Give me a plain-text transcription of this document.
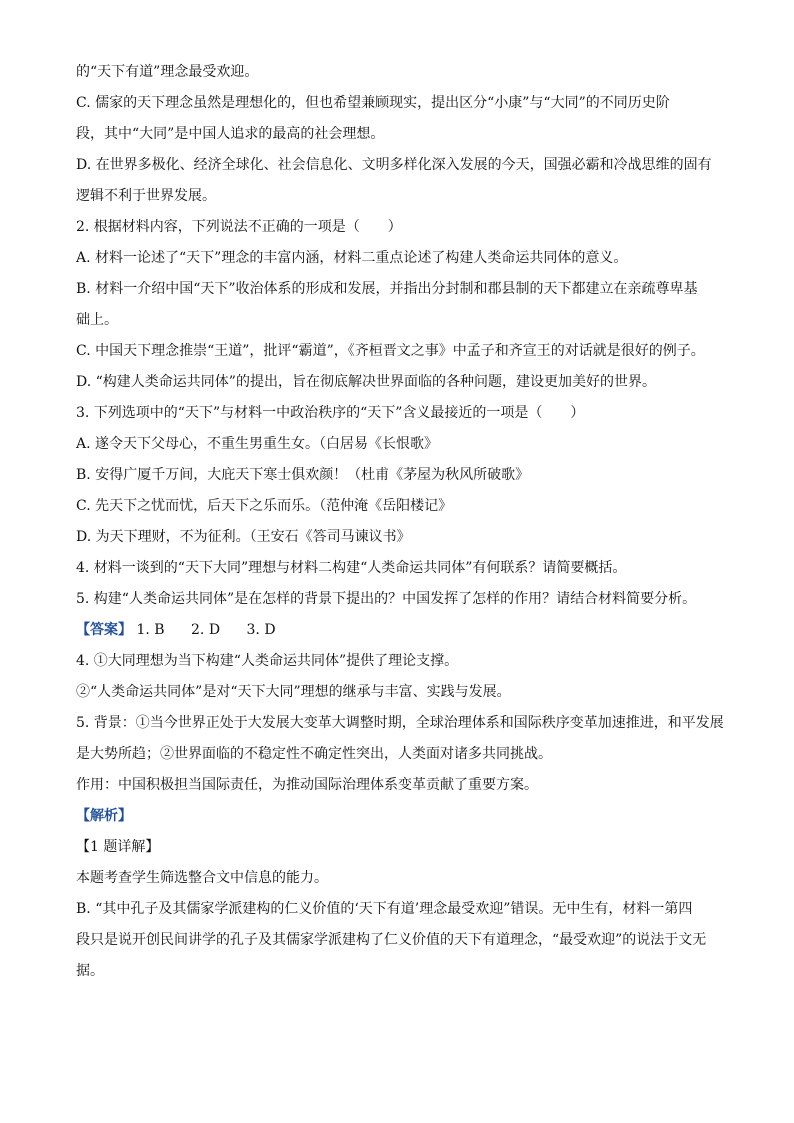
的“天下有道”理念最受欢迎。
C. 儒家的天下理念虽然是理想化的，但也希望兼顾现实，提出区分“小康”与“大同”的不同历史阶
段，其中“大同”是中国人追求的最高的社会理想。
D. 在世界多极化、经济全球化、社会信息化、文明多样化深入发展的今天，国强必霸和冷战思维的固有
逻辑不利于世界发展。
2. 根据材料内容，下列说法不正确的一项是（　　）
A. 材料一论述了“天下”理念的丰富内涵，材料二重点论述了构建人类命运共同体的意义。
B. 材料一介绍中国“天下”收治体系的形成和发展，并指出分封制和郡县制的天下都建立在亲疏尊卑基
础上。
C. 中国天下理念推崇“王道”，批评“霸道”，《齐桓晋文之事》中孟子和齐宣王的对话就是很好的例子。
D. “构建人类命运共同体”的提出，旨在彻底解决世界面临的各种问题，建设更加美好的世界。
3. 下列选项中的“天下”与材料一中政治秩序的“天下”含义最接近的一项是（　　）
A. 遂令天下父母心，不重生男重生女。（白居易《长恨歌》
B. 安得广厦千万间，大庇天下寒士俱欢颜！（杜甫《茅屋为秋风所破歌》
C. 先天下之忧而忧，后天下之乐而乐。（范仲淹《岳阳楼记》
D. 为天下理财，不为征利。（王安石《答司马谏议书》
4. 材料一谈到的“天下大同”理想与材料二构建“人类命运共同体”有何联系？请简要概括。
5. 构建“人类命运共同体”是在怎样的背景下提出的？中国发挥了怎样的作用？请结合材料简要分析。
【答案】 1. B 2. D 3. D
4. ①大同理想为当下构建“人类命运共同体”提供了理论支撑。
②“人类命运共同体”是对“天下大同”理想的继承与丰富、实践与发展。
5. 背景：①当今世界正处于大发展大变革大调整时期，全球治理体系和国际秩序变革加速推进，和平发展
是大势所趋；②世界面临的不稳定性不确定性突出，人类面对诸多共同挑战。
作用：中国积极担当国际责任，为推动国际治理体系变革贡献了重要方案。
【解析】
【1 题详解】
本题考查学生筛选整合文中信息的能力。
B. “其中孔子及其儒家学派建构的仁义价值的‘天下有道’理念最受欢迎”错误。无中生有，材料一第四
段只是说开创民间讲学的孔子及其儒家学派建构了仁义价值的天下有道理念，“最受欢迎”的说法于文无
据。
